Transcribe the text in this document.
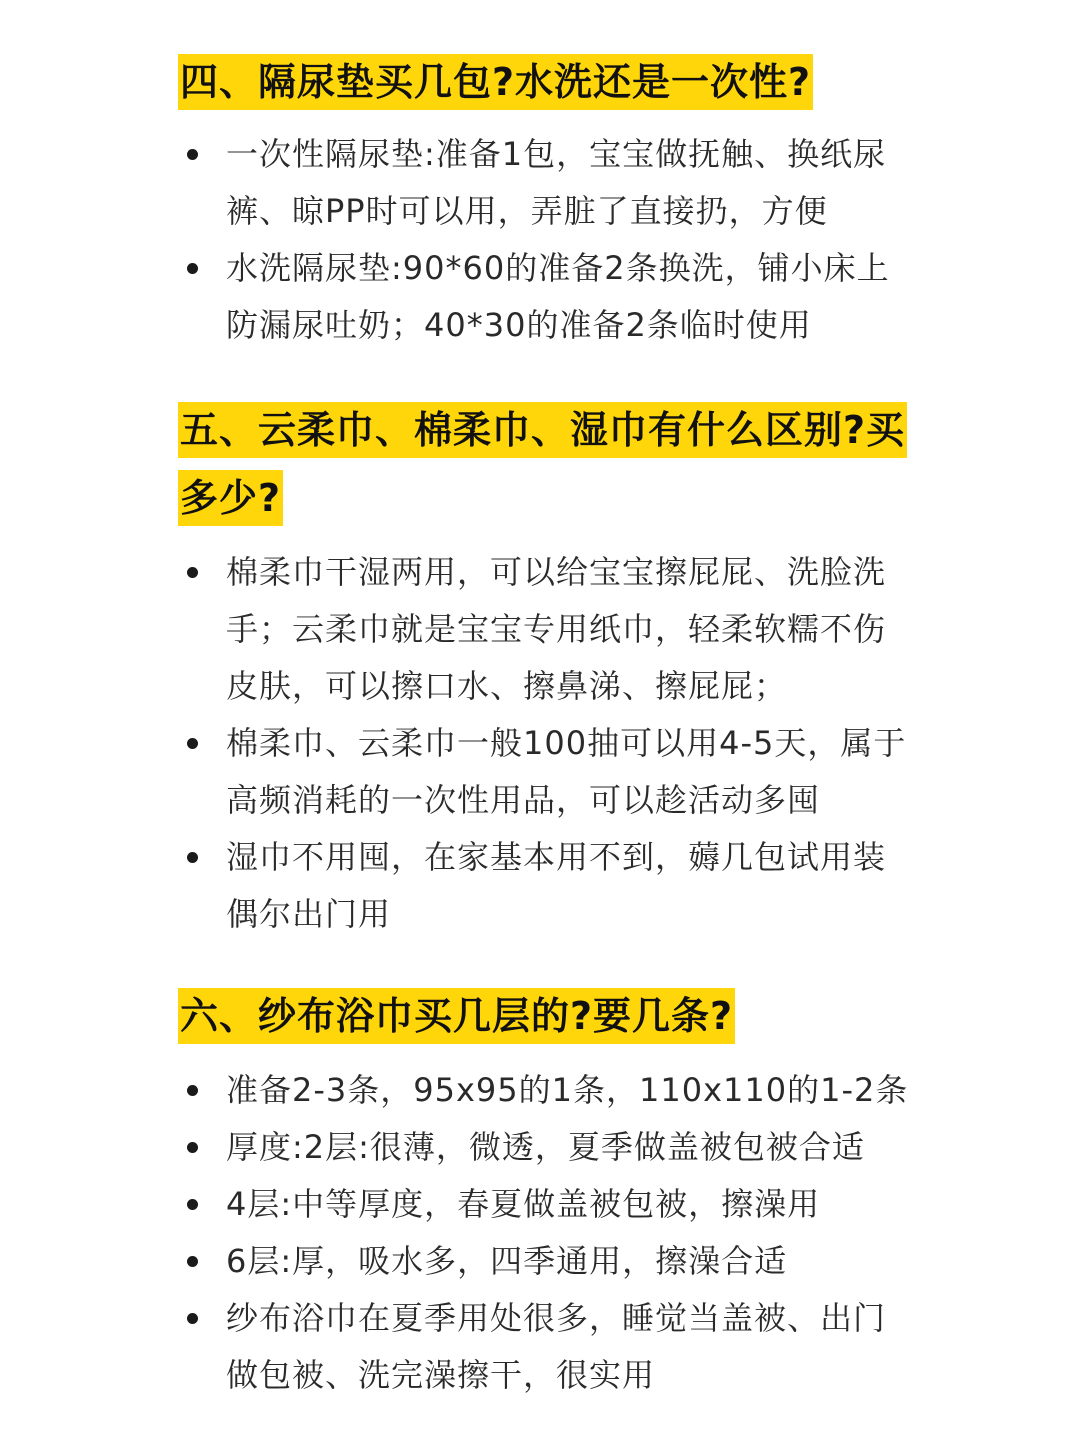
四、隔尿垫买几包?水洗还是一次性?
一次性隔尿垫:准备1包，宝宝做抚触、换纸尿裤、晾PP时可以用，弄脏了直接扔，方便
水洗隔尿垫:90*60的准备2条换洗，铺小床上防漏尿吐奶；40*30的准备2条临时使用
五、云柔巾、棉柔巾、湿巾有什么区别?买多少?
棉柔巾干湿两用，可以给宝宝擦屁屁、洗脸洗手；云柔巾就是宝宝专用纸巾，轻柔软糯不伤皮肤，可以擦口水、擦鼻涕、擦屁屁；
棉柔巾、云柔巾一般100抽可以用4-5天，属于高频消耗的一次性用品，可以趁活动多囤
湿巾不用囤，在家基本用不到，薅几包试用装偶尔出门用
六、纱布浴巾买几层的?要几条?
准备2-3条，95x95的1条，110x110的1-2条
厚度:2层:很薄，微透，夏季做盖被包被合适
4层:中等厚度，春夏做盖被包被，擦澡用
6层:厚，吸水多，四季通用，擦澡合适
纱布浴巾在夏季用处很多，睡觉当盖被、出门做包被、洗完澡擦干，很实用
